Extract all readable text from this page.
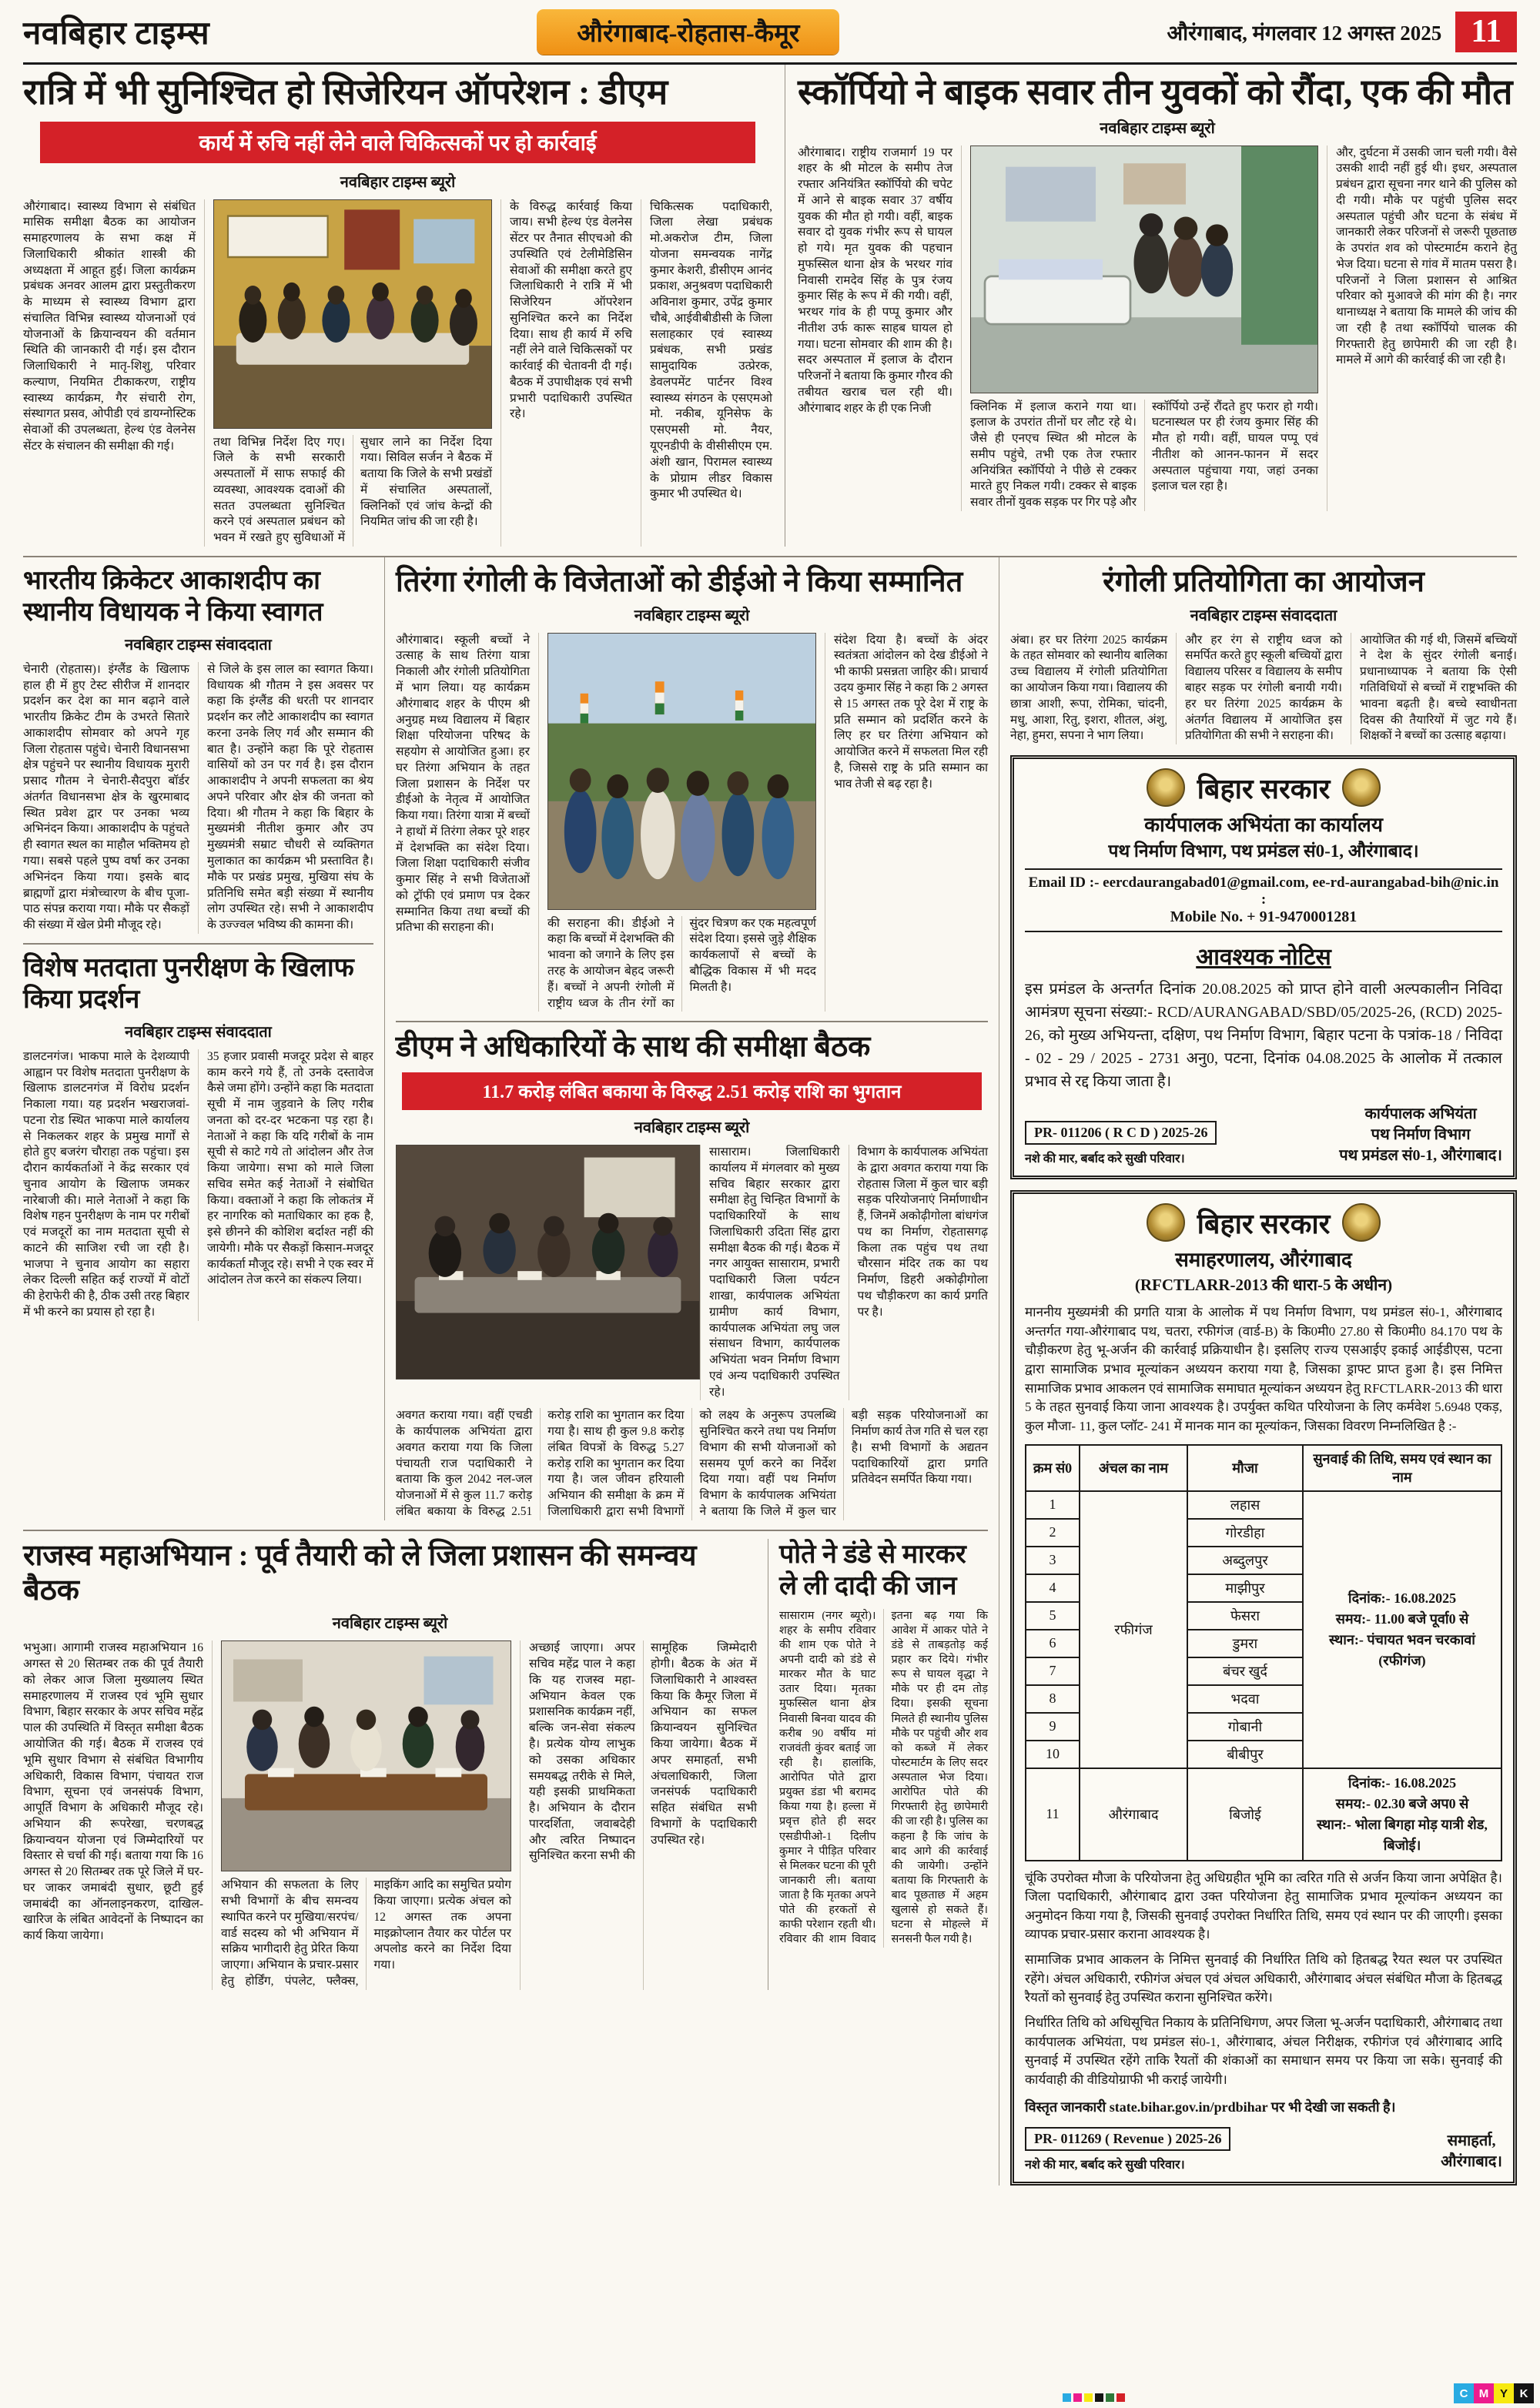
नवबिहार टाइम्स	औरंगाबाद-रोहतास-कैमूर	औरंगाबाद, मंगलवार 12 अगस्त 2025 11
रात्रि में भी सुनिश्चित हो सिजेरियन ऑपरेशन : डीएम
कार्य में रुचि नहीं लेने वाले चिकित्सकों पर हो कार्रवाई
नवबिहार टाइम्स ब्यूरो
औरंगाबाद। स्वास्थ्य विभाग से संबंधित मासिक समीक्षा बैठक का आयोजन समाहरणालय के सभा कक्ष में जिलाधिकारी श्रीकांत शास्त्री की अध्यक्षता में आहूत हुई। जिला कार्यक्रम प्रबंधक अनवर आलम द्वारा प्रस्तुतीकरण के माध्यम से स्वास्थ्य विभाग द्वारा संचालित विभिन्न स्वास्थ्य योजनाओं एवं योजनाओं के क्रियान्वयन की वर्तमान स्थिति की जानकारी दी गई। इस दौरान जिलाधिकारी ने मातृ-शिशु, परिवार कल्याण, नियमित टीकाकरण, राष्ट्रीय स्वास्थ्य कार्यक्रम, गैर संचारी रोग, संस्थागत प्रसव, ओपीडी एवं डायग्नोस्टिक सेवाओं की उपलब्धता, हेल्थ एंड वेलनेस सेंटर के संचालन की समीक्षा की गई।	तथा विभिन्न निर्देश दिए गए। जिले के सभी सरकारी अस्पतालों में साफ सफाई की व्यवस्था, आवश्यक दवाओं की सतत उपलब्धता सुनिश्चित करने एवं अस्पताल प्रबंधन को भवन में रखते हुए सुविधाओं में सुधार लाने का निर्देश दिया गया। सिविल सर्जन ने बैठक में बताया कि जिले के सभी प्रखंडों में संचालित अस्पतालों, क्लिनिकों एवं जांच केन्द्रों की नियमित जांच की जा रही है।
के विरुद्ध कार्रवाई किया जाय। सभी हेल्थ एंड वेलनेस सेंटर पर तैनात सीएचओ की उपस्थिति एवं टेलीमेडिसिन सेवाओं की समीक्षा करते हुए जिलाधिकारी ने रात्रि में भी सिजेरियन ऑपरेशन सुनिश्चित करने का निर्देश दिया। साथ ही कार्य में रुचि नहीं लेने वाले चिकित्सकों पर कार्रवाई की चेतावनी दी गई। बैठक में उपाधीक्षक एवं सभी प्रभारी पदाधिकारी उपस्थित रहे।
चिकित्सक पदाधिकारी, जिला लेखा प्रबंधक मो.अकरोज टीम, जिला योजना समन्वयक नागेंद्र कुमार केशरी, डीसीएम आनंद प्रकाश, अनुश्रवण पदाधिकारी अविनाश कुमार, उपेंद्र कुमार चौबे, आईवीबीडीसी के जिला सलाहकार एवं स्वास्थ्य प्रबंधक, सभी प्रखंड सामुदायिक उत्प्रेरक, डेवलपमेंट पार्टनर विश्व स्वास्थ्य संगठन के एसएमओ मो. नकीब, यूनिसेफ के एसएमसी मो. नैयर, यूएनडीपी के वीसीसीएम एम. अंशी खान, पिरामल स्वास्थ्य के प्रोग्राम लीडर विकास कुमार भी उपस्थित थे।
स्कॉर्पियो ने बाइक सवार तीन युवकों को रौंदा, एक की मौत
नवबिहार टाइम्स ब्यूरो
औरंगाबाद। राष्ट्रीय राजमार्ग 19 पर शहर के श्री मोटल के समीप तेज रफ्तार अनियंत्रित स्कॉर्पियो की चपेट में आने से बाइक सवार 37 वर्षीय युवक की मौत हो गयी। वहीं, बाइक सवार दो युवक गंभीर रूप से घायल हो गये। मृत युवक की पहचान मुफस्सिल थाना क्षेत्र के भरथर गांव निवासी रामदेव सिंह के पुत्र रंजय कुमार सिंह के रूप में की गयी। वहीं, भरथर गांव के ही पप्पू कुमार और नीतीश उर्फ कारू साहब घायल हो गया। घटना सोमवार की शाम की है। सदर अस्पताल में इलाज के दौरान परिजनों ने बताया कि कुमार गौरव की तबीयत खराब चल रही थी। औरंगाबाद शहर के ही एक निजी	क्लिनिक में इलाज कराने गया था। इलाज के उपरांत तीनों घर लौट रहे थे। जैसे ही एनएच स्थित श्री मोटल के समीप पहुंचे, तभी एक तेज रफ्तार अनियंत्रित स्कॉर्पियो ने पीछे से टक्कर मारते हुए निकल गयी। टक्कर से बाइक सवार तीनों युवक सड़क पर गिर पड़े और स्कॉर्पियो उन्हें रौंदते हुए फरार हो गयी। घटनास्थल पर ही रंजय कुमार सिंह की मौत हो गयी। वहीं, घायल पप्पू एवं नीतीश को आनन-फानन में सदर अस्पताल पहुंचाया गया, जहां उनका इलाज चल रहा है।
और, दुर्घटना में उसकी जान चली गयी। वैसे उसकी शादी नहीं हुई थी। इधर, अस्पताल प्रबंधन द्वारा सूचना नगर थाने की पुलिस को दी गयी। मौके पर पहुंची पुलिस सदर अस्पताल पहुंची और घटना के संबंध में जानकारी लेकर परिजनों से जरूरी पूछताछ के उपरांत शव को पोस्टमार्टम कराने हेतु भेज दिया। घटना से गांव में मातम पसरा है। परिजनों ने जिला प्रशासन से आश्रित परिवार को मुआवजे की मांग की है। नगर थानाध्यक्ष ने बताया कि मामले की जांच की जा रही है तथा स्कॉर्पियो चालक की गिरफ्तारी हेतु छापेमारी की जा रही है। मामले में आगे की कार्रवाई की जा रही है।
भारतीय क्रिकेटर आकाशदीप का स्थानीय विधायक ने किया स्वागत
नवबिहार टाइम्स संवाददाता
चेनारी (रोहतास)। इंग्लैंड के खिलाफ हाल ही में हुए टेस्ट सीरीज में शानदार प्रदर्शन कर देश का मान बढ़ाने वाले भारतीय क्रिकेट टीम के उभरते सितारे आकाशदीप सोमवार को अपने गृह जिला रोहतास पहुंचे। चेनारी विधानसभा क्षेत्र पहुंचने पर स्थानीय विधायक मुरारी प्रसाद गौतम ने चेनारी-सैदपुरा बॉर्डर अंतर्गत विधानसभा क्षेत्र के खुरमाबाद स्थित प्रवेश द्वार पर उनका भव्य अभिनंदन किया। आकाशदीप के पहुंचते ही स्वागत स्थल का माहौल भक्तिमय हो गया। सबसे पहले पुष्प वर्षा कर उनका अभिनंदन किया गया। इसके बाद ब्राह्मणों द्वारा मंत्रोच्चारण के बीच पूजा-पाठ संपन्न कराया गया। मौके पर सैकड़ों की संख्या में खेल प्रेमी मौजूद रहे।
से जिले के इस लाल का स्वागत किया। विधायक श्री गौतम ने इस अवसर पर कहा कि इंग्लैंड की धरती पर शानदार प्रदर्शन कर लौटे आकाशदीप का स्वागत करना उनके लिए गर्व और सम्मान की बात है। उन्होंने कहा कि पूरे रोहतास वासियों को उन पर गर्व है। इस दौरान आकाशदीप ने अपनी सफलता का श्रेय अपने परिवार और क्षेत्र की जनता को दिया। श्री गौतम ने कहा कि बिहार के मुख्यमंत्री नीतीश कुमार और उप मुख्यमंत्री सम्राट चौधरी से व्यक्तिगत मुलाकात का कार्यक्रम भी प्रस्तावित है। मौके पर प्रखंड प्रमुख, मुखिया संघ के प्रतिनिधि समेत बड़ी संख्या में स्थानीय लोग उपस्थित रहे। सभी ने आकाशदीप के उज्ज्वल भविष्य की कामना की।
विशेष मतदाता पुनरीक्षण के खिलाफ किया प्रदर्शन
नवबिहार टाइम्स संवाददाता
डालटनगंज। भाकपा माले के देशव्यापी आह्वान पर विशेष मतदाता पुनरीक्षण के खिलाफ डालटनगंज में विरोध प्रदर्शन निकाला गया। यह प्रदर्शन भखराजवां-पटना रोड स्थित भाकपा माले कार्यालय से निकलकर शहर के प्रमुख मार्गों से होते हुए बजरंग चौराहा तक पहुंचा। इस दौरान कार्यकर्ताओं ने केंद्र सरकार एवं चुनाव आयोग के खिलाफ जमकर नारेबाजी की। माले नेताओं ने कहा कि विशेष गहन पुनरीक्षण के नाम पर गरीबों एवं मजदूरों का नाम मतदाता सूची से काटने की साजिश रची जा रही है। भाजपा ने चुनाव आयोग का सहारा लेकर दिल्ली सहित कई राज्यों में वोटों की हेराफेरी की है, ठीक उसी तरह बिहार में भी करने का प्रयास हो रहा है।
35 हजार प्रवासी मजदूर प्रदेश से बाहर काम करने गये हैं, तो उनके दस्तावेज कैसे जमा होंगे। उन्होंने कहा कि मतदाता सूची में नाम जुड़वाने के लिए गरीब जनता को दर-दर भटकना पड़ रहा है। नेताओं ने कहा कि यदि गरीबों के नाम सूची से काटे गये तो आंदोलन और तेज किया जायेगा। सभा को माले जिला सचिव समेत कई नेताओं ने संबोधित किया। वक्ताओं ने कहा कि लोकतंत्र में हर नागरिक को मताधिकार का हक है, इसे छीनने की कोशिश बर्दाश्त नहीं की जायेगी। मौके पर सैकड़ों किसान-मजदूर कार्यकर्ता मौजूद रहे। सभी ने एक स्वर में आंदोलन तेज करने का संकल्प लिया।
तिरंगा रंगोली के विजेताओं को डीईओ ने किया सम्मानित
नवबिहार टाइम्स ब्यूरो
औरंगाबाद। स्कूली बच्चों ने उत्साह के साथ तिरंगा यात्रा निकाली और रंगोली प्रतियोगिता में भाग लिया। यह कार्यक्रम औरंगाबाद शहर के पीएम श्री अनुग्रह मध्य विद्यालय में बिहार शिक्षा परियोजना परिषद के सहयोग से आयोजित हुआ। हर घर तिरंगा अभियान के तहत जिला प्रशासन के निर्देश पर डीईओ के नेतृत्व में आयोजित किया गया। तिरंगा यात्रा में बच्चों ने हाथों में तिरंगा लेकर पूरे शहर में देशभक्ति का संदेश दिया। जिला शिक्षा पदाधिकारी संजीव कुमार सिंह ने सभी विजेताओं को ट्रॉफी एवं प्रमाण पत्र देकर सम्मानित किया तथा बच्चों की प्रतिभा की सराहना की।	की सराहना की। डीईओ ने कहा कि बच्चों में देशभक्ति की भावना को जगाने के लिए इस तरह के आयोजन बेहद जरूरी हैं। बच्चों ने अपनी रंगोली में राष्ट्रीय ध्वज के तीन रंगों का सुंदर चित्रण कर एक महत्वपूर्ण संदेश दिया। इससे जुड़े शैक्षिक कार्यकलापों से बच्चों के बौद्धिक विकास में भी मदद मिलती है।
संदेश दिया है। बच्चों के अंदर स्वतंत्रता आंदोलन को देख डीईओ ने भी काफी प्रसन्नता जाहिर की। प्राचार्य उदय कुमार सिंह ने कहा कि 2 अगस्त से 15 अगस्त तक पूरे देश में राष्ट्र के प्रति सम्मान को प्रदर्शित करने के लिए हर घर तिरंगा अभियान को आयोजित करने में सफलता मिल रही है, जिससे राष्ट्र के प्रति सम्मान का भाव तेजी से बढ़ रहा है।
डीएम ने अधिकारियों के साथ की समीक्षा बैठक
11.7 करोड़ लंबित बकाया के विरुद्ध 2.51 करोड़ राशि का भुगतान
नवबिहार टाइम्स ब्यूरो
सासाराम। जिलाधिकारी कार्यालय में मंगलवार को मुख्य सचिव बिहार सरकार द्वारा समीक्षा हेतु चिन्हित विभागों के पदाधिकारियों के साथ जिलाधिकारी उदिता सिंह द्वारा समीक्षा बैठक की गई। बैठक में नगर आयुक्त सासाराम, प्रभारी पदाधिकारी जिला पर्यटन शाखा, कार्यपालक अभियंता ग्रामीण कार्य विभाग, कार्यपालक अभियंता लघु जल संसाधन विभाग, कार्यपालक अभियंता भवन निर्माण विभाग एवं अन्य पदाधिकारी उपस्थित रहे।
विभाग के कार्यपालक अभियंता के द्वारा अवगत कराया गया कि रोहतास जिला में कुल चार बड़ी सड़क परियोजनाएं निर्माणाधीन हैं, जिनमें अकोढ़ीगोला बांधगंज पथ का निर्माण, रोहतासगढ़ किला तक पहुंच पथ तथा चौरसान मंदिर तक का पथ निर्माण, डिहरी अकोढ़ीगोला पथ चौड़ीकरण का कार्य प्रगति पर है।
अवगत कराया गया। वहीं एचडी के कार्यपालक अभियंता द्वारा अवगत कराया गया कि जिला पंचायती राज पदाधिकारी ने बताया कि कुल 2042 नल-जल योजनाओं में से कुल 11.7 करोड़ लंबित बकाया के विरुद्ध 2.51 करोड़ राशि का भुगतान कर दिया गया है। साथ ही कुल 9.8 करोड़ लंबित विपत्रों के विरुद्ध 5.27 करोड़ राशि का भुगतान कर दिया गया है। जल जीवन हरियाली अभियान की समीक्षा के क्रम में जिलाधिकारी द्वारा सभी विभागों को लक्ष्य के अनुरूप उपलब्धि सुनिश्चित करने तथा पथ निर्माण विभाग की सभी योजनाओं को ससमय पूर्ण करने का निर्देश दिया गया। वहीं पथ निर्माण विभाग के कार्यपालक अभियंता ने बताया कि जिले में कुल चार बड़ी सड़क परियोजनाओं का निर्माण कार्य तेज गति से चल रहा है। सभी विभागों के अद्यतन पदाधिकारियों द्वारा प्रगति प्रतिवेदन समर्पित किया गया।
राजस्व महाअभियान : पूर्व तैयारी को ले जिला प्रशासन की समन्वय बैठक
नवबिहार टाइम्स ब्यूरो
भभुआ। आगामी राजस्व महाअभियान 16 अगस्त से 20 सितम्बर तक की पूर्व तैयारी को लेकर आज जिला मुख्यालय स्थित समाहरणालय में राजस्व एवं भूमि सुधार विभाग, बिहार सरकार के अपर सचिव महेंद्र पाल की उपस्थिति में विस्तृत समीक्षा बैठक आयोजित की गई। बैठक में राजस्व एवं भूमि सुधार विभाग से संबंधित विभागीय अधिकारी, विकास विभाग, पंचायत राज विभाग, सूचना एवं जनसंपर्क विभाग, आपूर्ति विभाग के अधिकारी मौजूद रहे। अभियान की रूपरेखा, चरणबद्ध क्रियान्वयन योजना एवं जिम्मेदारियों पर विस्तार से चर्चा की गई। बताया गया कि 16 अगस्त से 20 सितम्बर तक पूरे जिले में घर-घर जाकर जमाबंदी सुधार, छूटी हुई जमाबंदी का ऑनलाइनकरण, दाखिल-खारिज के लंबित आवेदनों के निष्पादन का कार्य किया जायेगा।
अभियान की सफलता के लिए सभी विभागों के बीच समन्वय स्थापित करने पर मुखिया/सरपंच/वार्ड सदस्य को भी अभियान में सक्रिय भागीदारी हेतु प्रेरित किया जाएगा। अभियान के प्रचार-प्रसार हेतु होर्डिंग, पंपलेट, फ्लैक्स, माइकिंग आदि का समुचित प्रयोग किया जाएगा। प्रत्येक अंचल को 12 अगस्त तक अपना माइक्रोप्लान तैयार कर पोर्टल पर अपलोड करने का निर्देश दिया गया।
अच्छाई जाएगा। अपर सचिव महेंद्र पाल ने कहा कि यह राजस्व महा-अभियान केवल एक प्रशासनिक कार्यक्रम नहीं, बल्कि जन-सेवा संकल्प है। प्रत्येक योग्य लाभुक को उसका अधिकार समयबद्ध तरीके से मिले, यही इसकी प्राथमिकता है। अभियान के दौरान पारदर्शिता, जवाबदेही और त्वरित निष्पादन सुनिश्चित करना सभी की सामूहिक जिम्मेदारी होगी। बैठक के अंत में जिलाधिकारी ने आश्वस्त किया कि कैमूर जिला में अभियान का सफल क्रियान्वयन सुनिश्चित किया जायेगा। बैठक में अपर समाहर्ता, सभी अंचलाधिकारी, जिला जनसंपर्क पदाधिकारी सहित संबंधित सभी विभागों के पदाधिकारी उपस्थित रहे।
पोते ने डंडे से मारकर ले ली दादी की जान
सासाराम (नगर ब्यूरो)। शहर के समीप रविवार की शाम एक पोते ने अपनी दादी को डंडे से मारकर मौत के घाट उतार दिया। मृतका मुफस्सिल थाना क्षेत्र निवासी बिनवा यादव की करीब 90 वर्षीय मां राजवंती कुंवर बताई जा रही है। हालांकि, आरोपित पोते द्वारा प्रयुक्त डंडा भी बरामद किया गया है। हल्ला में प्रवृत्त होते ही सदर एसडीपीओ-1 दिलीप कुमार ने पीड़ित परिवार से मिलकर घटना की पूरी जानकारी ली। बताया जाता है कि मृतका अपने पोते की हरकतों से काफी परेशान रहती थी। रविवार की शाम विवाद इतना बढ़ गया कि आवेश में आकर पोते ने डंडे से ताबड़तोड़ कई प्रहार कर दिये। गंभीर रूप से घायल वृद्धा ने मौके पर ही दम तोड़ दिया। इसकी सूचना मिलते ही स्थानीय पुलिस मौके पर पहुंची और शव को कब्जे में लेकर पोस्टमार्टम के लिए सदर अस्पताल भेज दिया। आरोपित पोते की गिरफ्तारी हेतु छापेमारी की जा रही है। पुलिस का कहना है कि जांच के बाद आगे की कार्रवाई की जायेगी। उन्होंने बताया कि गिरफ्तारी के बाद पूछताछ में अहम खुलासे हो सकते हैं। घटना से मोहल्ले में सनसनी फैल गयी है।
रंगोली प्रतियोगिता का आयोजन
नवबिहार टाइम्स संवाददाता
अंबा। हर घर तिरंगा 2025 कार्यक्रम के तहत सोमवार को स्थानीय बालिका उच्च विद्यालय में रंगोली प्रतियोगिता का आयोजन किया गया। विद्यालय की छात्रा आशी, रूपा, रोमिका, चांदनी, मधु, आशा, रितु, इशरा, शीतल, अंशु, नेहा, हुमरा, सपना ने भाग लिया।
और हर रंग से राष्ट्रीय ध्वज को समर्पित करते हुए स्कूली बच्चियों द्वारा विद्यालय परिसर व विद्यालय के समीप बाहर सड़क पर रंगोली बनायी गयी। हर घर तिरंगा 2025 कार्यक्रम के अंतर्गत विद्यालय में आयोजित इस प्रतियोगिता की सभी ने सराहना की।
आयोजित की गई थी, जिसमें बच्चियों ने देश के सुंदर रंगोली बनाई। प्रधानाध्यापक ने बताया कि ऐसी गतिविधियों से बच्चों में राष्ट्रभक्ति की भावना बढ़ती है। बच्चे स्वाधीनता दिवस की तैयारियों में जुट गये हैं। शिक्षकों ने बच्चों का उत्साह बढ़ाया।
बिहार सरकार
कार्यपालक अभियंता का कार्यालय
पथ निर्माण विभाग, पथ प्रमंडल सं0-1, औरंगाबाद।
Email ID :- eercdaurangabad01@gmail.com, ee-rd-aurangabad-bih@nic.in :
Mobile No. + 91-9470001281
आवश्यक नोटिस

इस प्रमंडल के अन्तर्गत दिनांक 20.08.2025 को प्राप्त होने वाली अल्पकालीन निविदा आमंत्रण सूचना संख्या:- RCD/AURANGABAD/SBD/05/2025-26, (RCD) 2025-26, को मुख्य अभियन्ता, दक्षिण, पथ निर्माण विभाग, बिहार पटना के पत्रांक-18 / निविदा - 02 - 29 / 2025 - 2731 अनु0, पटना, दिनांक 04.08.2025 के आलोक में तत्काल प्रभाव से रद्द किया जाता है।

PR- 011206 ( R C D ) 2025-26
नशे की मार, बर्बाद करे सुखी परिवार।
कार्यपालक अभियंता
पथ निर्माण विभाग
पथ प्रमंडल सं0-1, औरंगाबाद।
बिहार सरकार
समाहरणालय, औरंगाबाद
(RFCTLARR-2013 की धारा-5 के अधीन)

माननीय मुख्यमंत्री की प्रगति यात्रा के आलोक में पथ निर्माण विभाग, पथ प्रमंडल सं0-1, औरंगाबाद अन्तर्गत गया-औरंगाबाद पथ, चतरा, रफीगंज (वार्ड-B) के कि0मी0 27.80 से कि0मी0 84.170 पथ के चौड़ीकरण हेतु भू-अर्जन की कार्रवाई प्रक्रियाधीन है। इसलिए राज्य एसआईए इकाई आईडीएस, पटना द्वारा सामाजिक प्रभाव मूल्यांकन अध्ययन कराया गया है, जिसका ड्राफ्ट प्राप्त हुआ है। इस निमित्त सामाजिक प्रभाव आकलन एवं सामाजिक समाघात मूल्यांकन अध्ययन हेतु RFCTLARR-2013 की धारा 5 के तहत सुनवाई किया जाना आवश्यक है। उपर्युक्त कथित परियोजना के लिए कर्मवेश 5.6948 एकड़, कुल मौजा- 11, कुल प्लॉट- 241 में मानक मान का मूल्यांकन, जिसका विवरण निम्नलिखित है :-

क्रम सं0	अंचल का नाम	मौजा	सुनवाई की तिथि, समय एवं स्थान का नाम
1	रफीगंज	लहास	दिनांक:- 16.08.2025
समय:- 11.00 बजे पूर्वा0 से
स्थान:- पंचायत भवन चरकावां (रफीगंज)

2		गोरडीहा	
3		अब्दुलपुर	
4		माझीपुर	
5		फेसरा	
6		डुमरा	
7		बंचर खुर्द	
8		भदवा	
9		गोबानी	
10		बीबीपुर	
11	औरंगाबाद	बिजोई	दिनांक:- 16.08.2025
समय:- 02.30 बजे अप0 से
स्थान:- भोला बिगहा मोड़ यात्री शेड, बिजोई।

चूंकि उपरोक्त मौजा के परियोजना हेतु अधिग्रहीत भूमि का त्वरित गति से अर्जन किया जाना अपेक्षित है। जिला पदाधिकारी, औरंगाबाद द्वारा उक्त परियोजना हेतु सामाजिक प्रभाव मूल्यांकन अध्ययन का अनुमोदन किया गया है, जिसकी सुनवाई उपरोक्त निर्धारित तिथि, समय एवं स्थान पर की जाएगी। इसका व्यापक प्रचार-प्रसार कराना आवश्यक है।

सामाजि​क प्रभाव आकलन के निमित्त सुनवाई की निर्धारित तिथि को हितबद्ध रैयत स्थल पर उपस्थित रहेंगे। अंचल अधिकारी, रफीगंज अंचल एवं अंचल अधिकारी, औरंगाबाद अंचल संबंधित मौजा के हितबद्ध रैयतों को सुनवाई हेतु उपस्थित कराना सुनिश्चित करेंगे।

निर्धारित तिथि को अधिसूचित निकाय के प्रतिनिधिगण, अपर जिला भू-अर्जन पदाधिकारी, औरंगाबाद तथा कार्यपालक अभियंता, पथ प्रमंडल सं0-1, औरंगाबाद, अंचल निरीक्षक, रफीगंज एवं औरंगाबाद आदि सुनवाई में उपस्थित रहेंगे ताकि रैयतों की शंकाओं का समाधान समय पर किया जा सके। सुनवाई की कार्यवाही की वीडियोग्राफी भी कराई जायेगी।

विस्तृत जानकारी state.bihar.gov.in/prdbihar पर भी देखी जा सकती है।
PR- 011269 ( Revenue ) 2025-26
नशे की मार, बर्बाद करे सुखी परिवार।
समाहर्ता,
औरंगाबाद।
C M Y	K
